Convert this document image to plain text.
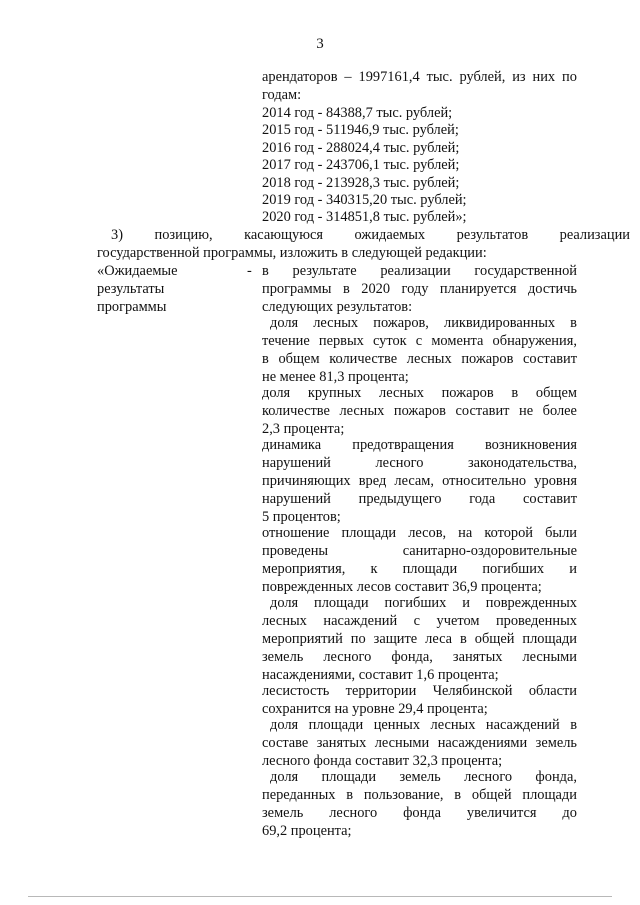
3
арендаторов – 1997161,4 тыс. рублей, из них по
годам:
2014 год - 84388,7 тыс. рублей;
2015 год - 511946,9 тыс. рублей;
2016 год - 288024,4 тыс. рублей;
2017 год - 243706,1 тыс. рублей;
2018 год - 213928,3 тыс. рублей;
2019 год - 340315,20 тыс. рублей;
2020 год - 314851,8 тыс. рублей»;
3) позицию, касающуюся ожидаемых результатов реализации
государственной программы, изложить в следующей редакции:
«Ожидаемые
результаты
программы
- в результате реализации государственной
программы в 2020 году планируется достичь
следующих результатов:
доля лесных пожаров, ликвидированных в
течение первых суток с момента обнаружения,
в общем количестве лесных пожаров составит
не менее 81,3 процента;
доля крупных лесных пожаров в общем
количестве лесных пожаров составит не более
2,3 процента;
динамика предотвращения возникновения
нарушений	лесного	законодательства,
причиняющих вред лесам, относительно уровня
нарушений предыдущего года составит
5 процентов;
отношение площади лесов, на которой были
проведены	санитарно-оздоровительные
мероприятия, к площади погибших и
поврежденных лесов составит 36,9 процента;
доля площади погибших и поврежденных
лесных насаждений с учетом проведенных
мероприятий по защите леса в общей площади
земель лесного фонда, занятых лесными
насаждениями, составит 1,6 процента;
лесистость территории Челябинской области
сохранится на уровне 29,4 процента;
доля площади ценных лесных насаждений в
составе занятых лесными насаждениями земель
лесного фонда составит 32,3 процента;
доля площади земель лесного фонда,
переданных в пользование, в общей площади
земель лесного фонда увеличится до
69,2 процента;
